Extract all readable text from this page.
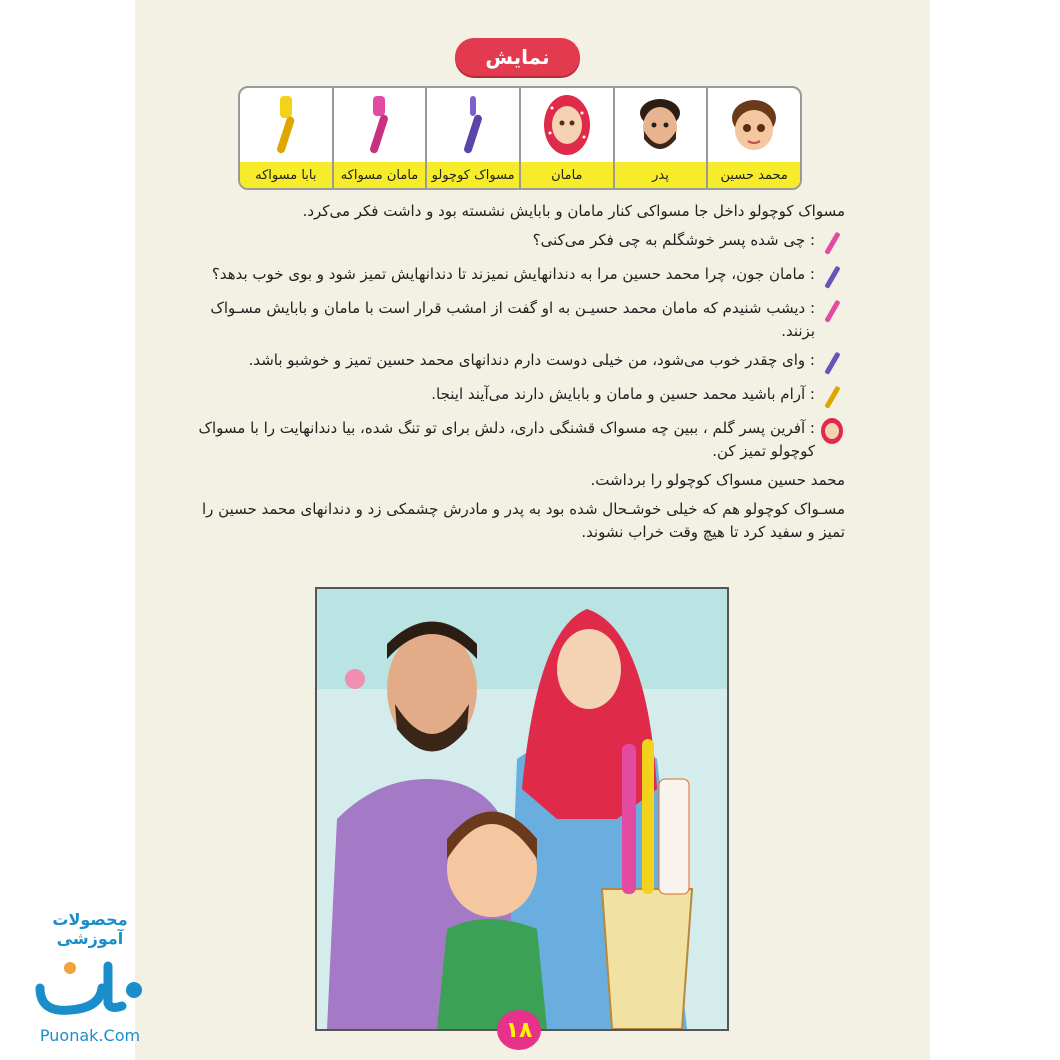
نمایش
محمد حسین
پدر
مامان
مسواک کوچولو
مامان مسواکه
بابا مسواکه

مسواک کوچولو داخل جا مسواکی کنار مامان و بابایش نشسته بود و داشت فکر می‌کرد.

: چی شده پسر خوشگلم به چی فکر می‌کنی؟
: مامان جون، چرا محمد حسین مرا به دندانهایش نمیزند تا دندانهایش تمیز شود و بوی خوب بدهد؟
: دیشب شنیدم که مامان محمد حسیـن به او گفت از امشب قرار است با مامان و بابایش مسـواک بزنند.
: وای چقدر خوب می‌شود، من خیلی دوست دارم دندانهای محمد حسین تمیز و خوشبو باشد.
: آرام باشید محمد حسین و مامان و بابایش دارند می‌آیند اینجا.
: آفرین پسر گلم ، ببین چه مسواک قشنگی داری، دلش برای تو تنگ شده، بیا دندانهایت را با مسواک کوچولو تمیز کن.

محمد حسین مسواک کوچولو را برداشت.

مسـواک کوچولو هم که خیلی خوشـحال شده بود به پدر و مادرش چشمکی زد و دندانهای محمد حسین را تمیز و سفید کرد تا هیچ وقت خراب نشوند.

۱۸
محصولات آموزشی
Puonak.Com
